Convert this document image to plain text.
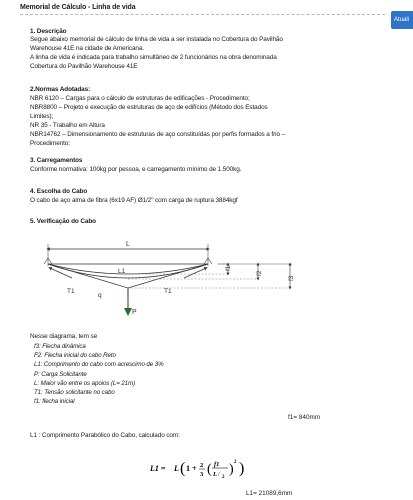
Memorial de Cálculo - Linha de vida
Atuali
1. Descrição
Segue abaixo memorial de cálculo de linha de vida a ser instalada no Cobertura do Pavilhão
Warehouse 41E na cidade de Americana.
A linha de vida é indicada para trabalho simultâneo de 2 funcionários na obra denominada
Cobertura do Pavilhão Warehouse 41E
2.Normas Adotadas:
NBR 6120 – Cargas para o cálculo de estruturas de edificações - Procedimento;
NBR8800 – Projeto e execução de estruturas de aço de edifícios (Método dos Estados
Limites);
NR 35 - Trabalho em Altura
NBR14762 – Dimensionamento de estruturas de aço constituídas por perfis formados a frio –
Procedimento;
3. Carregamentos
Conforme normativa: 100kg por pessoa, e carregamento mínimo de 1.500kg.
4. Escolha do Cabo
O cabo de aço alma de fibra (6x19 AF) Ø1/2" com carga de ruptura 3884kgf
5. Verificação do Cabo
L
L1	f1
f2
f3
T1	T1
q
P
Nesse diagrama, tem se
f3: Flecha dinâmica
F2: Flecha inicial do cabo Reto
L1: Comprimento do cabo com acrescimo de 3%
P: Carga Solicitante
L: Maior vão entre os apoios (L= 21m)
T1: Tensão solicitante no cabo
f1: flecha inicial
f1= 840mm
L1 : Comprimento Parabólico do Cabo, calculado com:
L1 = L ( 1 + 2
3 ( f1
L / 2
) 2 )
L1= 21089,6mm
